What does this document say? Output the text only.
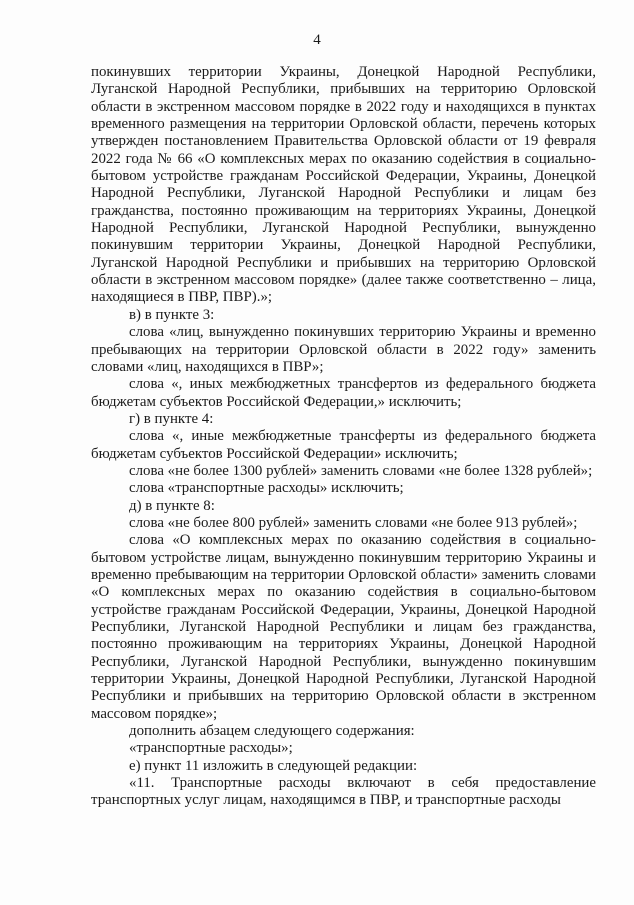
4

покинувших территории Украины, Донецкой Народной Республики, Луганской Народной Республики, прибывших на территорию Орловской области в экстренном массовом порядке в 2022 году и находящихся в пунктах временного размещения на территории Орловской области, перечень которых утвержден постановлением Правительства Орловской области от 19 февраля 2022 года № 66 «О комплексных мерах по оказанию содействия в социально-бытовом устройстве гражданам Российской Федерации, Украины, Донецкой Народной Республики, Луганской Народной Республики и лицам без гражданства, постоянно проживающим на территориях Украины, Донецкой Народной Республики, Луганской Народной Республики, вынужденно покинувшим территории Украины, Донецкой Народной Республики, Луганской Народной Республики и прибывших на территорию Орловской области в экстренном массовом порядке» (далее также соответственно – лица, находящиеся в ПВР, ПВР).»;

в) в пункте 3:

слова «лиц, вынужденно покинувших территорию Украины и временно пребывающих на территории Орловской области в 2022 году» заменить словами «лиц, находящихся в ПВР»;

слова «, иных межбюджетных трансфертов из федерального бюджета бюджетам субъектов Российской Федерации,» исключить;

г) в пункте 4:

слова «, иные межбюджетные трансферты из федерального бюджета бюджетам субъектов Российской Федерации» исключить;

слова «не более 1300 рублей» заменить словами «не более 1328 рублей»;

слова «транспортные расходы» исключить;

д) в пункте 8:

слова «не более 800 рублей» заменить словами «не более 913 рублей»;

слова «О комплексных мерах по оказанию содействия в социально-бытовом устройстве лицам, вынужденно покинувшим территорию Украины и временно пребывающим на территории Орловской области» заменить словами «О комплексных мерах по оказанию содействия в социально-бытовом устройстве гражданам Российской Федерации, Украины, Донецкой Народной Республики, Луганской Народной Республики и лицам без гражданства, постоянно проживающим на территориях Украины, Донецкой Народной Республики, Луганской Народной Республики, вынужденно покинувшим территории Украины, Донецкой Народной Республики, Луганской Народной Республики и прибывших на территорию Орловской области в экстренном массовом порядке»;

дополнить абзацем следующего содержания:

«транспортные расходы»;

е) пункт 11 изложить в следующей редакции:

«11. Транспортные расходы включают в себя предоставление транспортных услуг лицам, находящимся в ПВР, и транспортные расходы
